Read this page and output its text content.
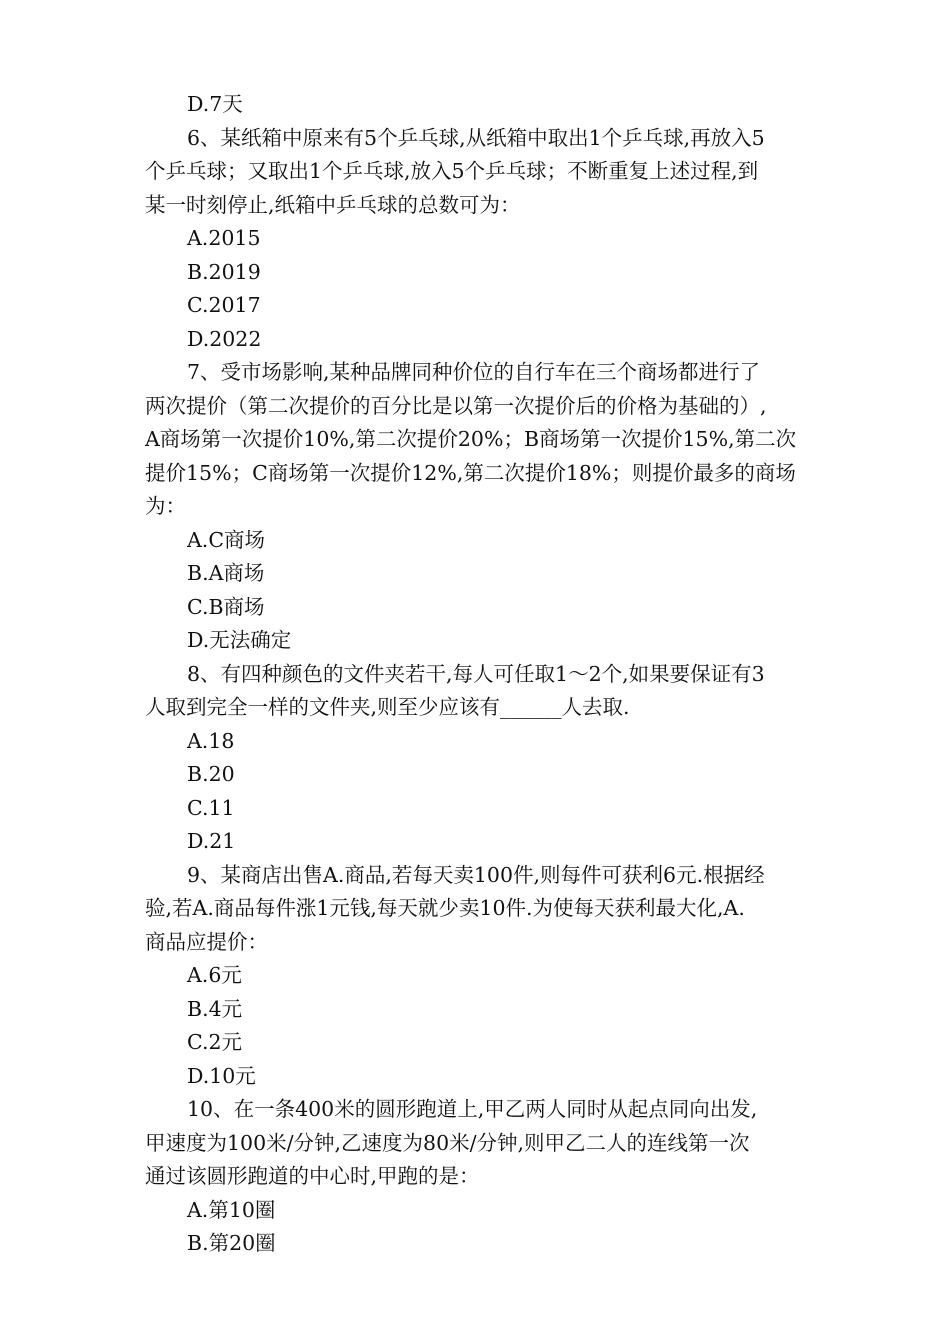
D.7天

6、某纸箱中原来有5个乒乓球,从纸箱中取出1个乒乓球,再放入5

个乒乓球；又取出1个乒乓球,放入5个乒乓球；不断重复上述过程,到

某一时刻停止,纸箱中乒乓球的总数可为：

A.2015

B.2019

C.2017

D.2022

7、受市场影响,某种品牌同种价位的自行车在三个商场都进行了

两次提价（第二次提价的百分比是以第一次提价后的价格为基础的）,

A商场第一次提价10%,第二次提价20%；B商场第一次提价15%,第二次

提价15%；C商场第一次提价12%,第二次提价18%；则提价最多的商场

为：

A.C商场

B.A商场

C.B商场

D.无法确定

8、有四种颜色的文件夹若干,每人可任取1～2个,如果要保证有3

人取到完全一样的文件夹,则至少应该有______人去取.

A.18

B.20

C.11

D.21

9、某商店出售A.商品,若每天卖100件,则每件可获利6元.根据经

验,若A.商品每件涨1元钱,每天就少卖10件.为使每天获利最大化,A.

商品应提价：

A.6元

B.4元

C.2元

D.10元

10、在一条400米的圆形跑道上,甲乙两人同时从起点同向出发,

甲速度为100米/分钟,乙速度为80米/分钟,则甲乙二人的连线第一次

通过该圆形跑道的中心时,甲跑的是：

A.第10圈

B.第20圈
